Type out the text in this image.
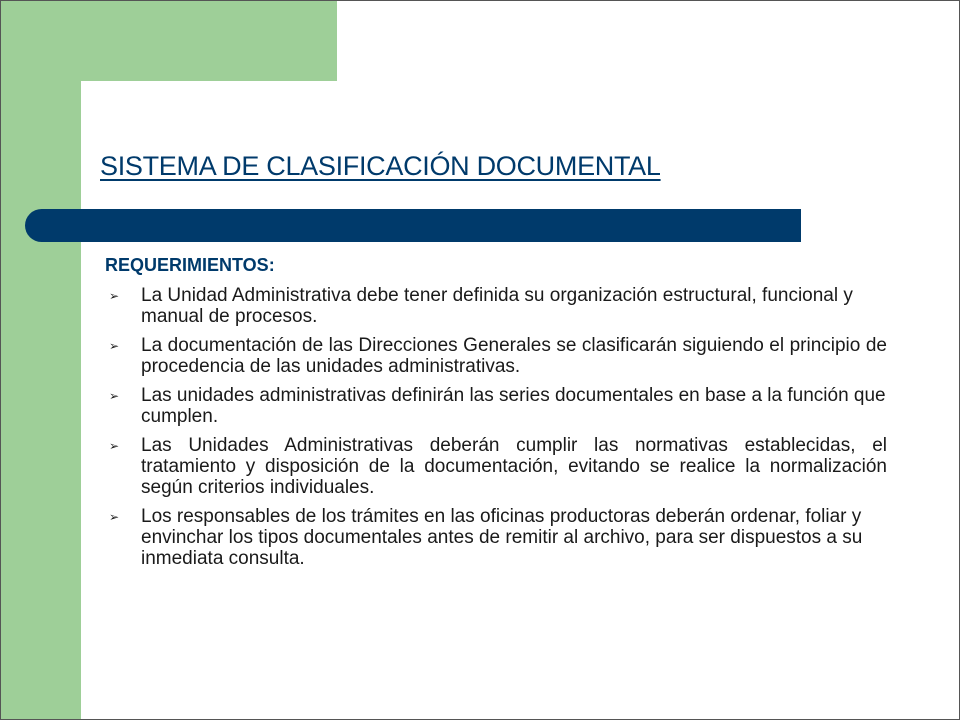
SISTEMA DE CLASIFICACIÓN DOCUMENTAL
REQUERIMIENTOS:
➢ La Unidad Administrativa debe tener definida su organización estructural, funcional y manual de procesos.
➢ La documentación de las Direcciones Generales se clasificarán siguiendo el principio de procedencia de las unidades administrativas.
➢ Las unidades administrativas definirán las series documentales en base a la función que cumplen.
➢ Las Unidades Administrativas deberán cumplir las normativas establecidas, el tratamiento y disposición de la documentación, evitando se realice la normalización según criterios individuales.
➢ Los responsables de los trámites en las oficinas productoras deberán ordenar, foliar y envinchar los tipos documentales antes de remitir al archivo, para ser dispuestos a su inmediata consulta.
